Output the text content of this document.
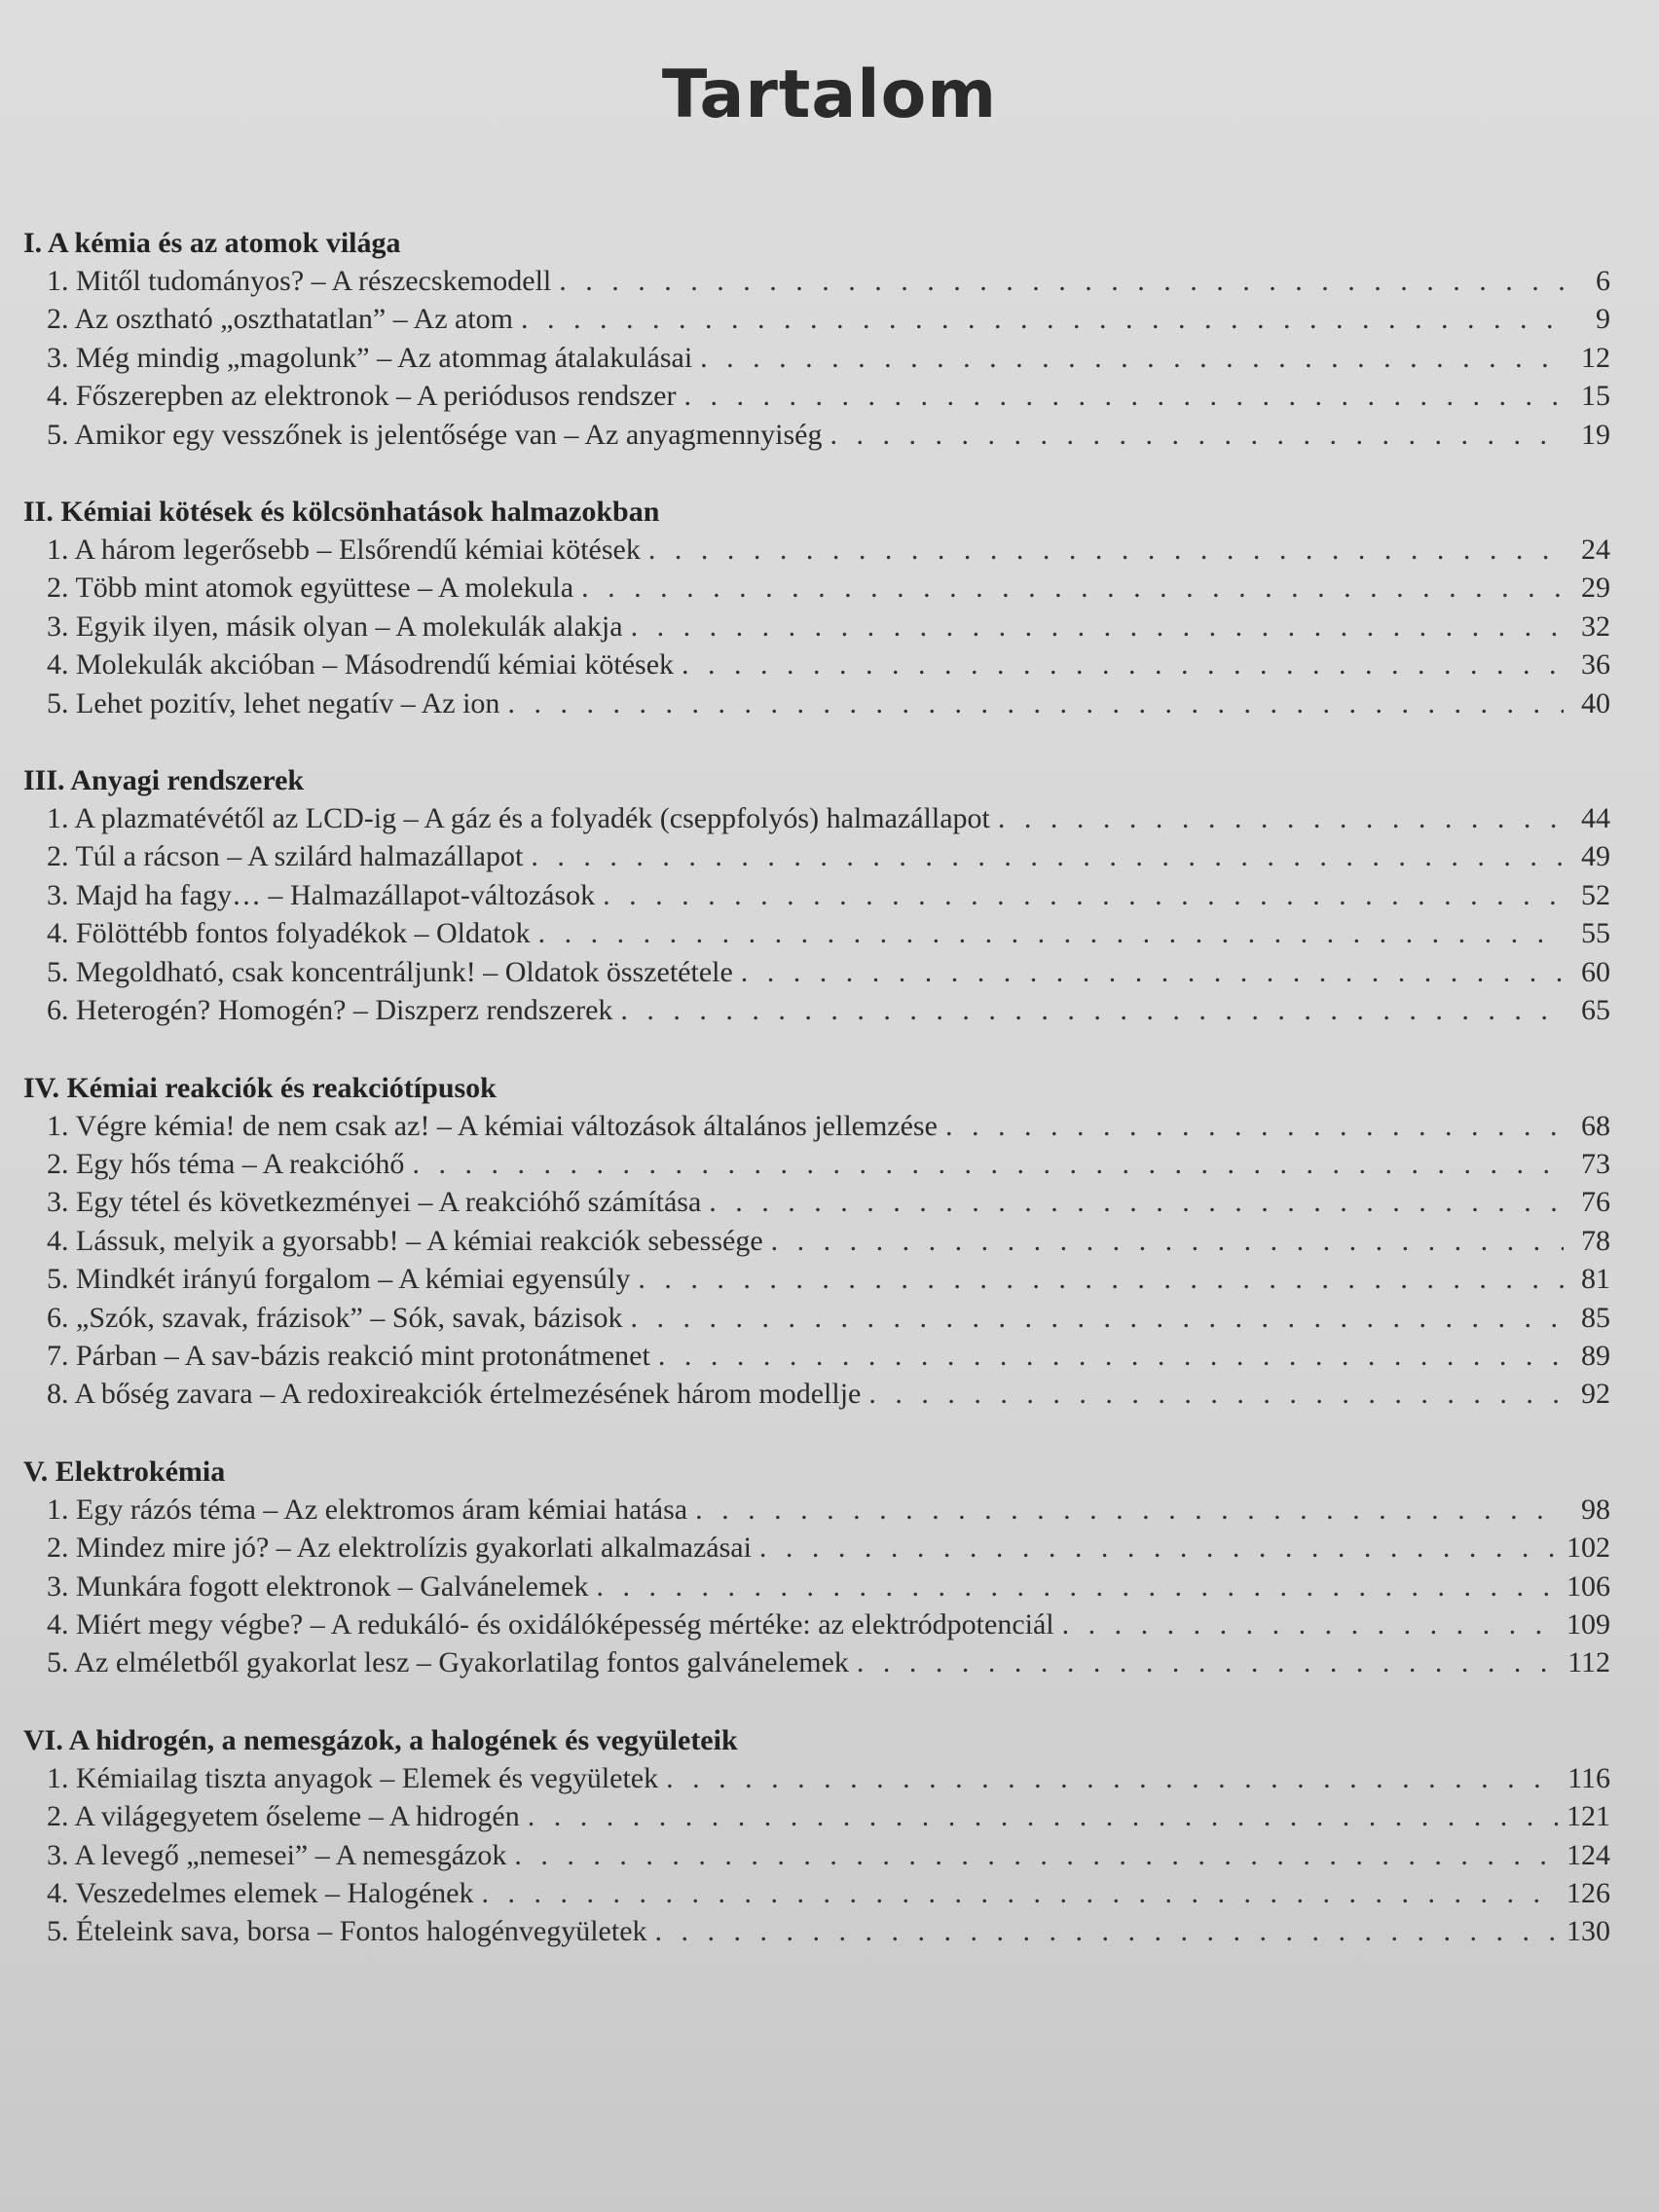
Tartalom
I. A kémia és az atomok világa
1. Mitől tudományos? – A részecskemodell . . .	6
2. Az osztható „oszthatatlan” – Az atom . . .	9
3. Még mindig „magolunk” – Az atommag átalakulásai . . .	12
4. Főszerepben az elektronok – A periódusos rendszer . . .	15
5. Amikor egy vesszőnek is jelentősége van – Az anyagmennyiség . . .	19
II. Kémiai kötések és kölcsönhatások halmazokban
1. A három legerősebb – Elsőrendű kémiai kötések . . .	24
2. Több mint atomok együttese – A molekula . . .	29
3. Egyik ilyen, másik olyan – A molekulák alakja . . .	32
4. Molekulák akcióban – Másodrendű kémiai kötések . . .	36
5. Lehet pozitív, lehet negatív – Az ion . . .	40
III. Anyagi rendszerek
1. A plazmatévétől az LCD-ig – A gáz és a folyadék (cseppfolyós) halmazállapot . . .	44
2. Túl a rácson – A szilárd halmazállapot . . .	49
3. Majd ha fagy… – Halmazállapot-változások . . .	52
4. Fölöttébb fontos folyadékok – Oldatok . . .	55
5. Megoldható, csak koncentráljunk! – Oldatok összetétele . . .	60
6. Heterogén? Homogén? – Diszperz rendszerek . . .	65
IV. Kémiai reakciók és reakciótípusok
1. Végre kémia! de nem csak az! – A kémiai változások általános jellemzése . . .	68
2. Egy hős téma – A reakcióhő . . .	73
3. Egy tétel és következményei – A reakcióhő számítása . . .	76
4. Lássuk, melyik a gyorsabb! – A kémiai reakciók sebessége . . .	78
5. Mindkét irányú forgalom – A kémiai egyensúly . . .	81
6. „Szók, szavak, frázisok” – Sók, savak, bázisok . . .	85
7. Párban – A sav-bázis reakció mint protonátmenet . . .	89
8. A bőség zavara – A redoxireakciók értelmezésének három modellje . . .	92
V. Elektrokémia
1. Egy rázós téma – Az elektromos áram kémiai hatása . . .	98
2. Mindez mire jó? – Az elektrolízis gyakorlati alkalmazásai . . .	102
3. Munkára fogott elektronok – Galvánelemek . . .	106
4. Miért megy végbe? – A redukáló- és oxidálóképesség mértéke: az elektródpotenciál . . .	109
5. Az elméletből gyakorlat lesz – Gyakorlatilag fontos galvánelemek . . .	112
VI. A hidrogén, a nemesgázok, a halogének és vegyületeik
1. Kémiailag tiszta anyagok – Elemek és vegyületek . . .	116
2. A világegyetem őseleme – A hidrogén . . .	121
3. A levegő „nemesei” – A nemesgázok . . .	124
4. Veszedelmes elemek – Halogének . . .	126
5. Ételeink sava, borsa – Fontos halogénvegyületek . . .	130
